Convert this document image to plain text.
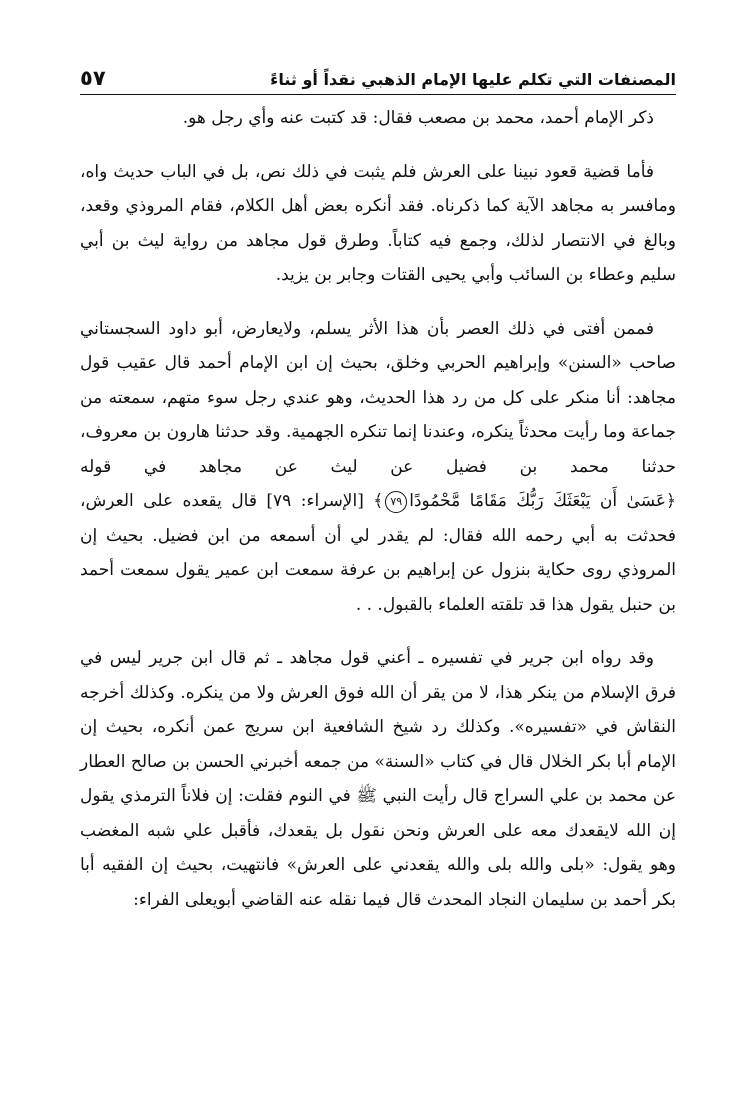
المصنفات التي تكلم عليها الإمام الذهبي نقداً أو ثناءً
٥٧

ذكر الإمام أحمد، محمد بن مصعب فقال: قد كتبت عنه وأي رجل هو.

فأما قضية قعود نبينا على العرش فلم يثبت في ذلك نص، بل في الباب حديث واه، ومافسر به مجاهد الآية كما ذكرناه. فقد أنكره بعض أهل الكلام، فقام المروذي وقعد، وبالغ في الانتصار لذلك، وجمع فيه كتاباً. وطرق قول مجاهد من رواية ليث بن أبي سليم وعطاء بن السائب وأبي يحيى القتات وجابر بن يزيد.

فممن أفتى في ذلك العصر بأن هذا الأثر يسلم، ولايعارض، أبو داود السجستاني صاحب «السنن» وإبراهيم الحربي وخلق، بحيث إن ابن الإمام أحمد قال عقيب قول مجاهد: أنا منكر على كل من رد هذا الحديث، وهو عندي رجل سوء متهم، سمعته من جماعة وما رأيت محدثاً ينكره، وعندنا إنما تنكره الجهمية. وقد حدثنا هارون بن معروف، حدثنا محمد بن فضيل عن ليث عن مجاهد في قوله ﴿عَسَىٰ أَن يَبْعَثَكَ رَبُّكَ مَقَامًا مَّحْمُودًا٧٩﴾ [الإسراء: ٧٩] قال يقعده على العرش، فحدثت به أبي رحمه الله فقال: لم يقدر لي أن أسمعه من ابن فضيل. بحيث إن المروذي روى حكاية بنزول عن إبراهيم بن عرفة سمعت ابن عمير يقول سمعت أحمد بن حنبل يقول هذا قد تلقته العلماء بالقبول. . .

وقد رواه ابن جرير في تفسيره ـ أعني قول مجاهد ـ ثم قال ابن جرير ليس في فرق الإسلام من ينكر هذا، لا من يقر أن الله فوق العرش ولا من ينكره. وكذلك أخرجه النقاش في «تفسيره». وكذلك رد شيخ الشافعية ابن سريج عمن أنكره، بحيث إن الإمام أبا بكر الخلال قال في كتاب «السنة» من جمعه أخبرني الحسن بن صالح العطار عن محمد بن علي السراج قال رأيت النبي ﷺ في النوم فقلت: إن فلاناً الترمذي يقول إن الله لايقعدك معه على العرش ونحن نقول بل يقعدك، فأقبل علي شبه المغضب وهو يقول: «بلى والله بلى والله يقعدني على العرش» فانتهيت، بحيث إن الفقيه أبا بكر أحمد بن سليمان النجاد المحدث قال فيما نقله عنه القاضي أبويعلى الفراء:
